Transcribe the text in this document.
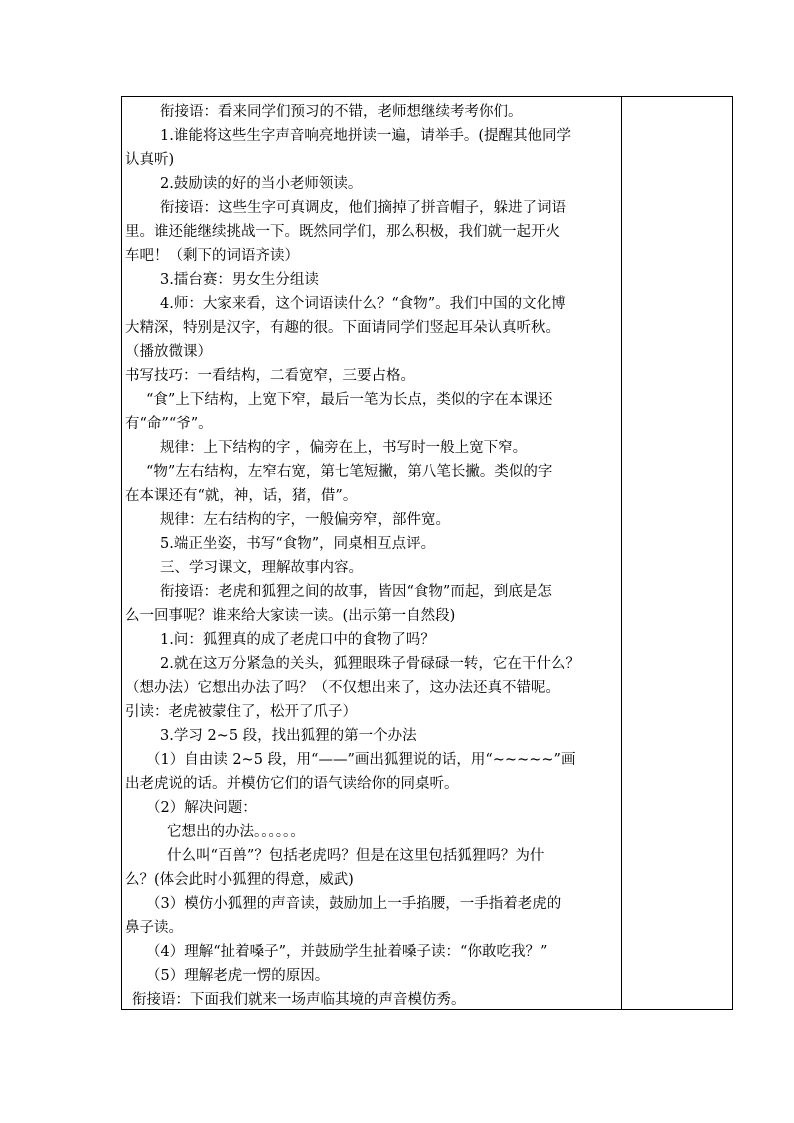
衔接语：看来同学们预习的不错，老师想继续考考你们。
1.谁能将这些生字声音响亮地拼读一遍，请举手。(提醒其他同学
认真听)
2.鼓励读的好的当小老师领读。
衔接语：这些生字可真调皮，他们摘掉了拼音帽子，躲进了词语
里。谁还能继续挑战一下。既然同学们，那么积极，我们就一起开火
车吧！（剩下的词语齐读）
3.擂台赛：男女生分组读
4.师：大家来看，这个词语读什么？“食物”。我们中国的文化博
大精深，特别是汉字，有趣的很。下面请同学们竖起耳朵认真听秋。
（播放微课）
书写技巧：一看结构，二看宽窄，三要占格。
“食”上下结构，上宽下窄，最后一笔为长点，类似的字在本课还
有“命”“爷”。
规律：上下结构的字 ，偏旁在上，书写时一般上宽下窄。
“物”左右结构，左窄右宽，第七笔短撇，第八笔长撇。类似的字
在本课还有“就，神，话，猪，借”。
规律：左右结构的字，一般偏旁窄，部件宽。
5.端正坐姿，书写“食物”，同桌相互点评。
三、学习课文，理解故事内容。
衔接语：老虎和狐狸之间的故事，皆因“食物”而起，到底是怎
么一回事呢？谁来给大家读一读。(出示第一自然段)
1.问：狐狸真的成了老虎口中的食物了吗？
2.就在这万分紧急的关头，狐狸眼珠子骨碌碌一转，它在干什么？
（想办法）它想出办法了吗？（不仅想出来了，这办法还真不错呢。
引读：老虎被蒙住了，松开了爪子）
3.学习 2~5 段，找出狐狸的第一个办法
（1）自由读 2~5 段，用“——”画出狐狸说的话，用“~~~~~”画
出老虎说的话。并模仿它们的语气读给你的同桌听。
（2）解决问题：
它想出的办法。。。。。。
什么叫“百兽”？包括老虎吗？但是在这里包括狐狸吗？为什
么？(体会此时小狐狸的得意，威武)
（3）模仿小狐狸的声音读，鼓励加上一手掐腰，一手指着老虎的
鼻子读。
（4）理解“扯着嗓子”，并鼓励学生扯着嗓子读：“你敢吃我？”
（5）理解老虎一愣的原因。
衔接语：下面我们就来一场声临其境的声音模仿秀。
